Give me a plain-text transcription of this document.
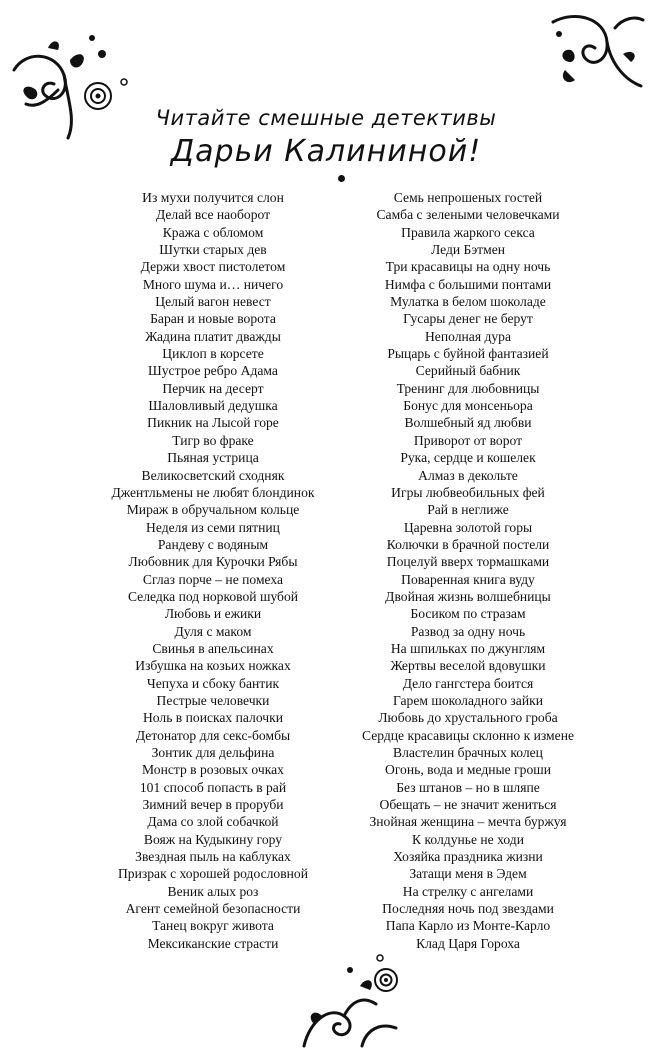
Читайте смешные детективы
Дарьи Калининой!
Из мухи получится слон
Делай все наоборот
Кража с обломом
Шутки старых дев
Держи хвост пистолетом
Много шума и… ничего
Целый вагон невест
Баран и новые ворота
Жадина платит дважды
Циклоп в корсете
Шустрое ребро Адама
Перчик на десерт
Шаловливый дедушка
Пикник на Лысой горе
Тигр во фраке
Пьяная устрица
Великосветский сходняк
Джентльмены не любят блондинок
Мираж в обручальном кольце
Неделя из семи пятниц
Рандеву с водяным
Любовник для Курочки Рябы
Сглаз порче – не помеха
Селедка под норковой шубой
Любовь и ежики
Дуля с маком
Свинья в апельсинах
Избушка на козьих ножках
Чепуха и сбоку бантик
Пестрые человечки
Ноль в поисках палочки
Детонатор для секс-бомбы
Зонтик для дельфина
Монстр в розовых очках
101 способ попасть в рай
Зимний вечер в проруби
Дама со злой собачкой
Вояж на Кудыкину гору
Звездная пыль на каблуках
Призрак с хорошей родословной
Веник алых роз
Агент семейной безопасности
Танец вокруг живота
Мексиканские страсти
Семь непрошеных гостей
Самба с зелеными человечками
Правила жаркого секса
Леди Бэтмен
Три красавицы на одну ночь
Нимфа с большими понтами
Мулатка в белом шоколаде
Гусары денег не берут
Неполная дура
Рыцарь с буйной фантазией
Серийный бабник
Тренинг для любовницы
Бонус для монсеньора
Волшебный яд любви
Приворот от ворот
Рука, сердце и кошелек
Алмаз в декольте
Игры любвеобильных фей
Рай в неглиже
Царевна золотой горы
Колючки в брачной постели
Поцелуй вверх тормашками
Поваренная книга вуду
Двойная жизнь волшебницы
Босиком по стразам
Развод за одну ночь
На шпильках по джунглям
Жертвы веселой вдовушки
Дело гангстера боится
Гарем шоколадного зайки
Любовь до хрустального гроба
Сердце красавицы склонно к измене
Властелин брачных колец
Огонь, вода и медные гроши
Без штанов – но в шляпе
Обещать – не значит жениться
Знойная женщина – мечта буржуя
К колдунье не ходи
Хозяйка праздника жизни
Затащи меня в Эдем
На стрелку с ангелами
Последняя ночь под звездами
Папа Карло из Монте-Карло
Клад Царя Гороха
